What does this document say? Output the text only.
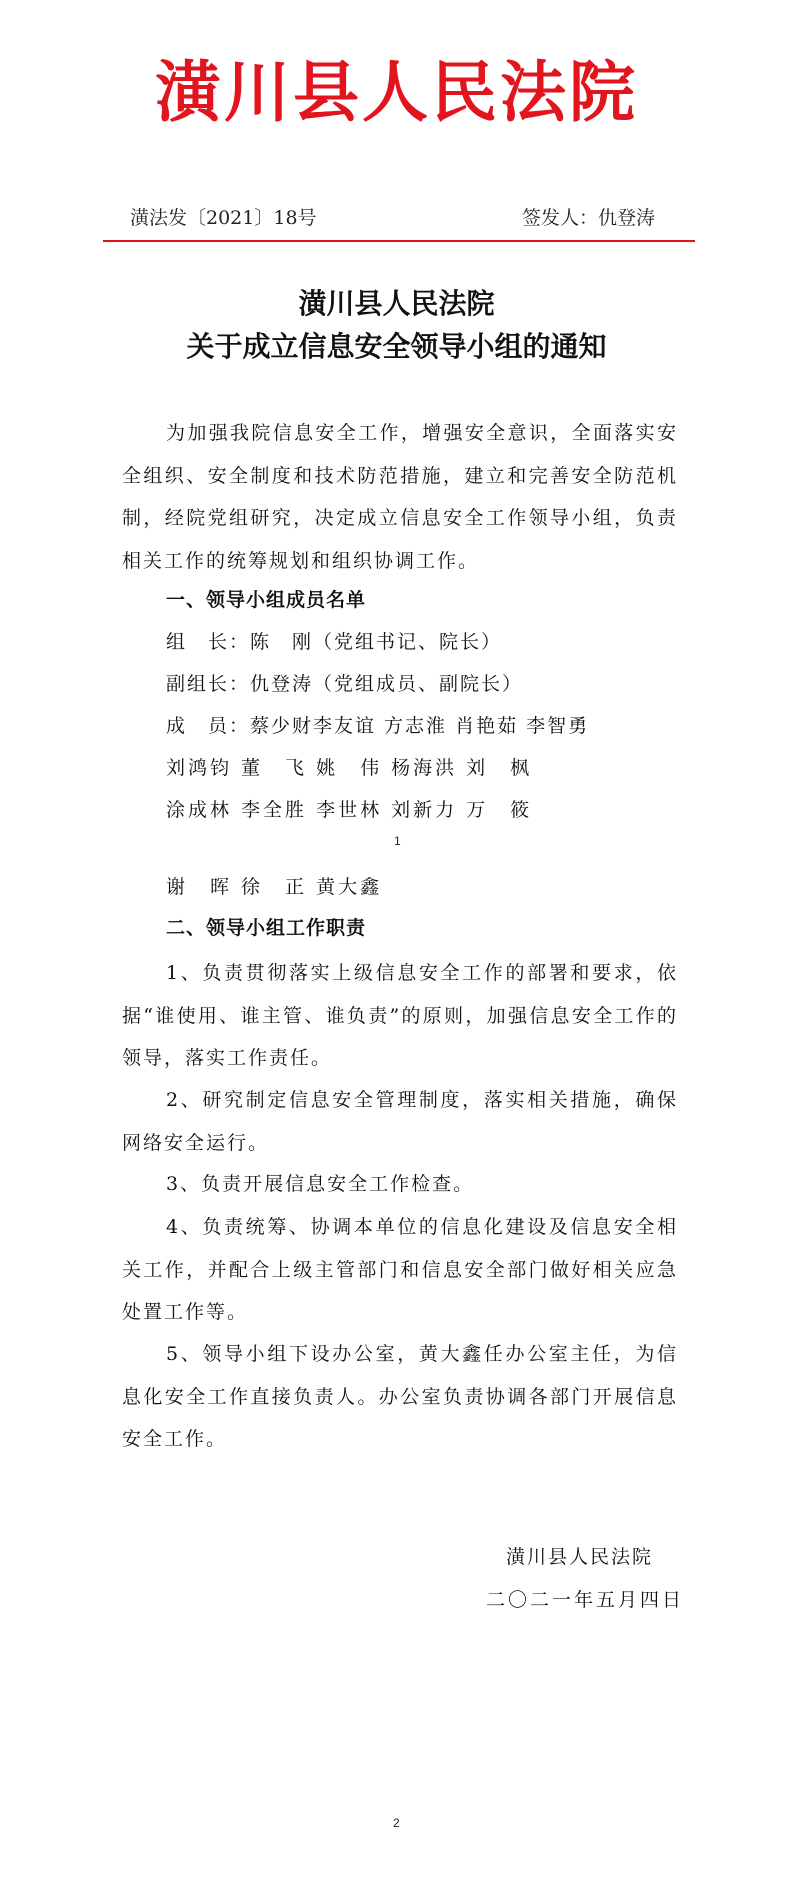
潢川县人民法院
潢法发〔2021〕18号	签发人：仇登涛
潢川县人民法院
关于成立信息安全领导小组的通知
为加强我院信息安全工作，增强安全意识，全面落实安全组织、安全制度和技术防范措施，建立和完善安全防范机制，经院党组研究，决定成立信息安全工作领导小组，负责相关工作的统筹规划和组织协调工作。
一、领导小组成员名单
组　长：陈　刚（党组书记、院长）
副组长：仇登涛（党组成员、副院长）
成　员：蔡少财李友谊 方志淮 肖艳茹 李智勇
刘鸿钧 董　飞 姚　伟 杨海洪 刘　枫
涂成林 李全胜 李世林 刘新力 万　筱
1
谢　晖 徐　正 黄大鑫
二、领导小组工作职责
1、负责贯彻落实上级信息安全工作的部署和要求，依据“谁使用、谁主管、谁负责”的原则，加强信息安全工作的领导，落实工作责任。
2、研究制定信息安全管理制度，落实相关措施，确保网络安全运行。
3、负责开展信息安全工作检查。
4、负责统筹、协调本单位的信息化建设及信息安全相关工作，并配合上级主管部门和信息安全部门做好相关应急处置工作等。
5、领导小组下设办公室，黄大鑫任办公室主任，为信息化安全工作直接负责人。办公室负责协调各部门开展信息安全工作。
潢川县人民法院
二〇二一年五月四日
2
